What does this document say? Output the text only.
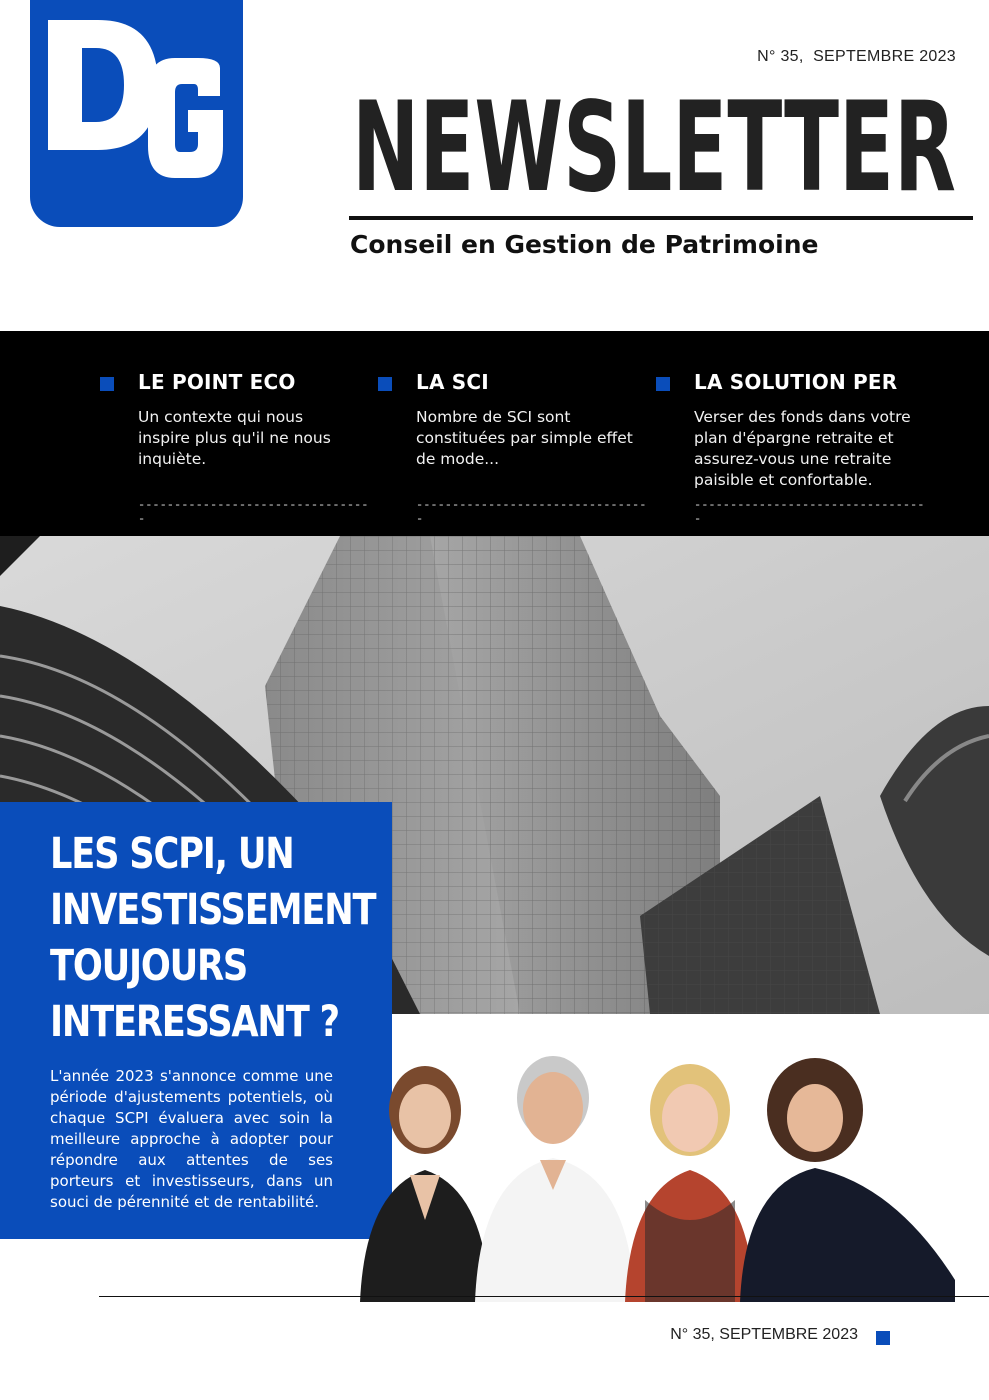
N° 35,  SEPTEMBRE 2023
NEWSLETTER
Conseil en Gestion de Patrimoine
LE POINT ECO

Un contexte qui nous
inspire plus qu'il ne nous
inquiète.

---------------------------------
LA SCI

Nombre de SCI sont
constituées par simple effet
de mode...

---------------------------------
LA SOLUTION PER

Verser des fonds dans votre
plan d'épargne retraite et
assurez-vous une retraite
paisible et confortable.

---------------------------------
LES SCPI, UN
INVESTISSEMENT
TOUJOURS
INTERESSANT ?

L'année 2023 s'annonce comme une période d'ajustements potentiels, où chaque SCPI évaluera avec soin la meilleure approche à adopter pour répondre aux attentes de ses porteurs et investisseurs, dans un souci de pérennité et de rentabilité.

N° 35, SEPTEMBRE 2023
